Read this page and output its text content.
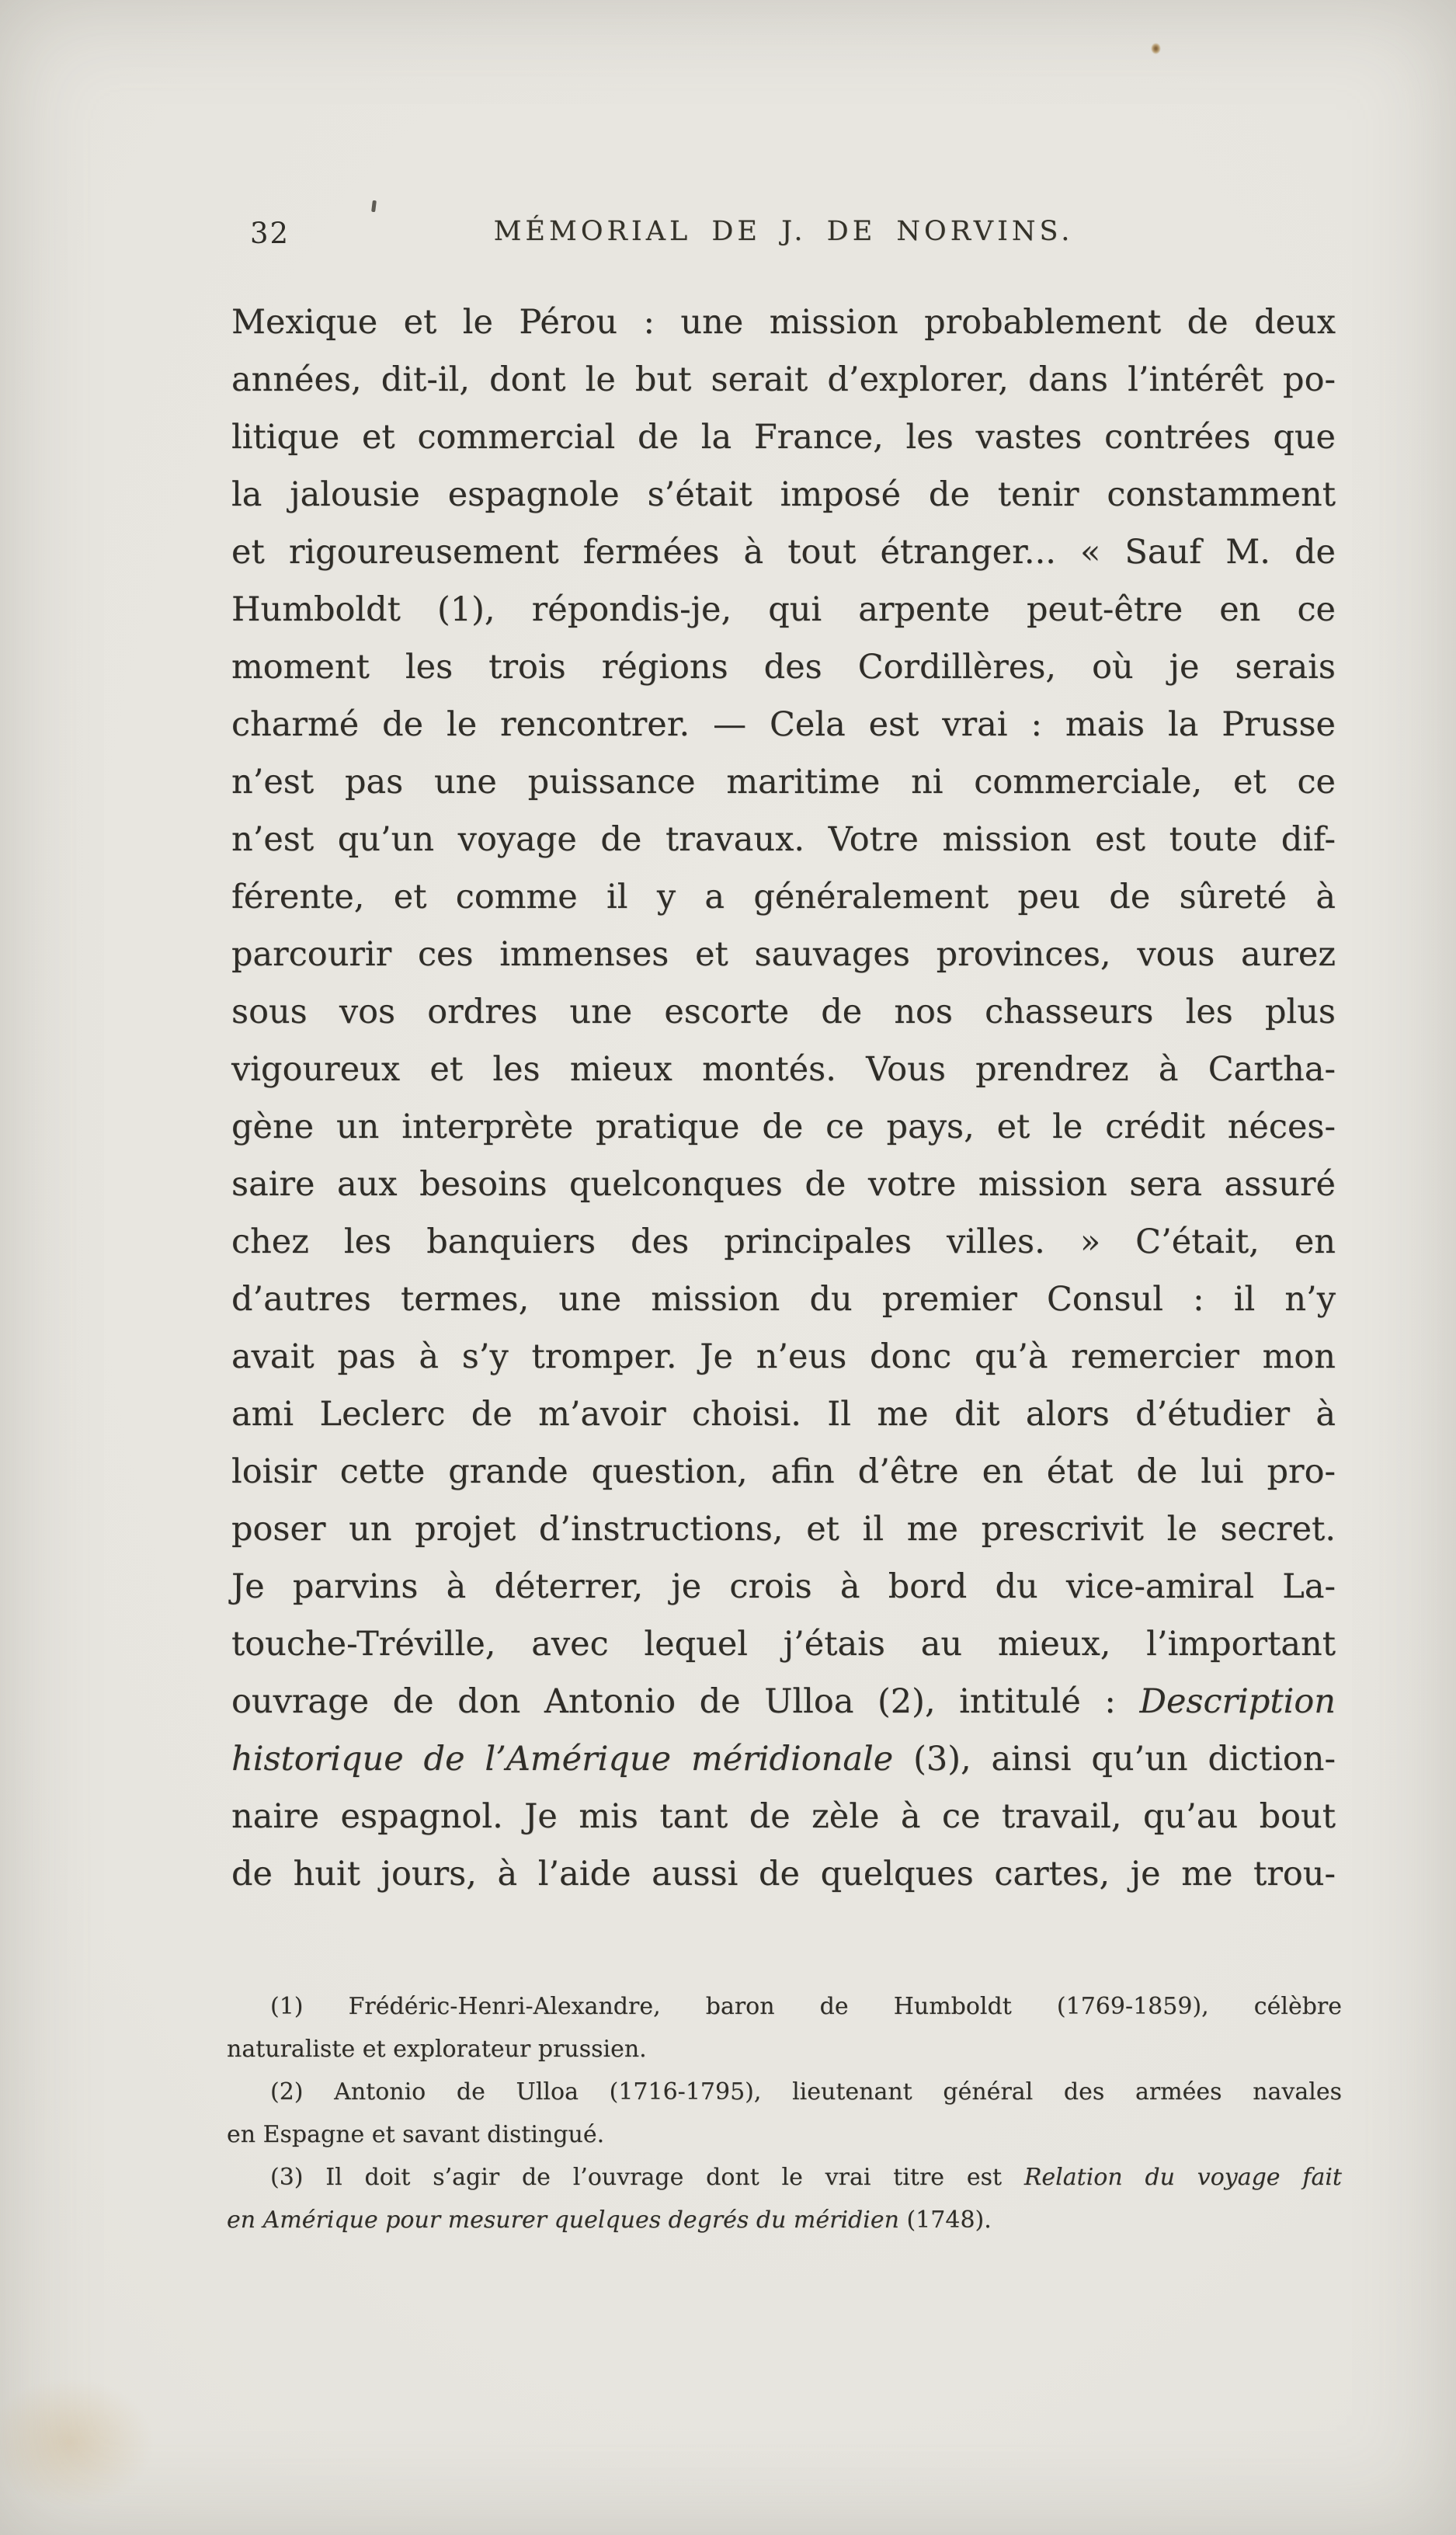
32	MÉMORIAL DE J. DE NORVINS.
Mexique et le Pérou : une mission probablement de deux
années, dit-il, dont le but serait d’explorer, dans l’intérêt po-
litique et commercial de la France, les vastes contrées que
la jalousie espagnole s’était imposé de tenir constamment
et rigoureusement fermées à tout étranger... « Sauf M. de
Humboldt (1), répondis-je, qui arpente peut-être en ce
moment les trois régions des Cordillères, où je serais
charmé de le rencontrer. — Cela est vrai : mais la Prusse
n’est pas une puissance maritime ni commerciale, et ce
n’est qu’un voyage de travaux. Votre mission est toute dif-
férente, et comme il y a généralement peu de sûreté à
parcourir ces immenses et sauvages provinces, vous aurez
sous vos ordres une escorte de nos chasseurs les plus
vigoureux et les mieux montés. Vous prendrez à Cartha-
gène un interprète pratique de ce pays, et le crédit néces-
saire aux besoins quelconques de votre mission sera assuré
chez les banquiers des principales villes. » C’était, en
d’autres termes, une mission du premier Consul : il n’y
avait pas à s’y tromper. Je n’eus donc qu’à remercier mon
ami Leclerc de m’avoir choisi. Il me dit alors d’étudier à
loisir cette grande question, afin d’être en état de lui pro-
poser un projet d’instructions, et il me prescrivit le secret.
Je parvins à déterrer, je crois à bord du vice-amiral La-
touche-Tréville, avec lequel j’étais au mieux, l’important
ouvrage de don Antonio de Ulloa (2), intitulé : Description
historique de l’Amérique méridionale (3), ainsi qu’un diction-
naire espagnol. Je mis tant de zèle à ce travail, qu’au bout
de huit jours, à l’aide aussi de quelques cartes, je me trou-
(1) Frédéric-Henri-Alexandre, baron de Humboldt (1769-1859), célèbre
naturaliste et explorateur prussien.
(2) Antonio de Ulloa (1716-1795), lieutenant général des armées navales
en Espagne et savant distingué.
(3) Il doit s’agir de l’ouvrage dont le vrai titre est Relation du voyage fait
en Amérique pour mesurer quelques degrés du méridien (1748).
